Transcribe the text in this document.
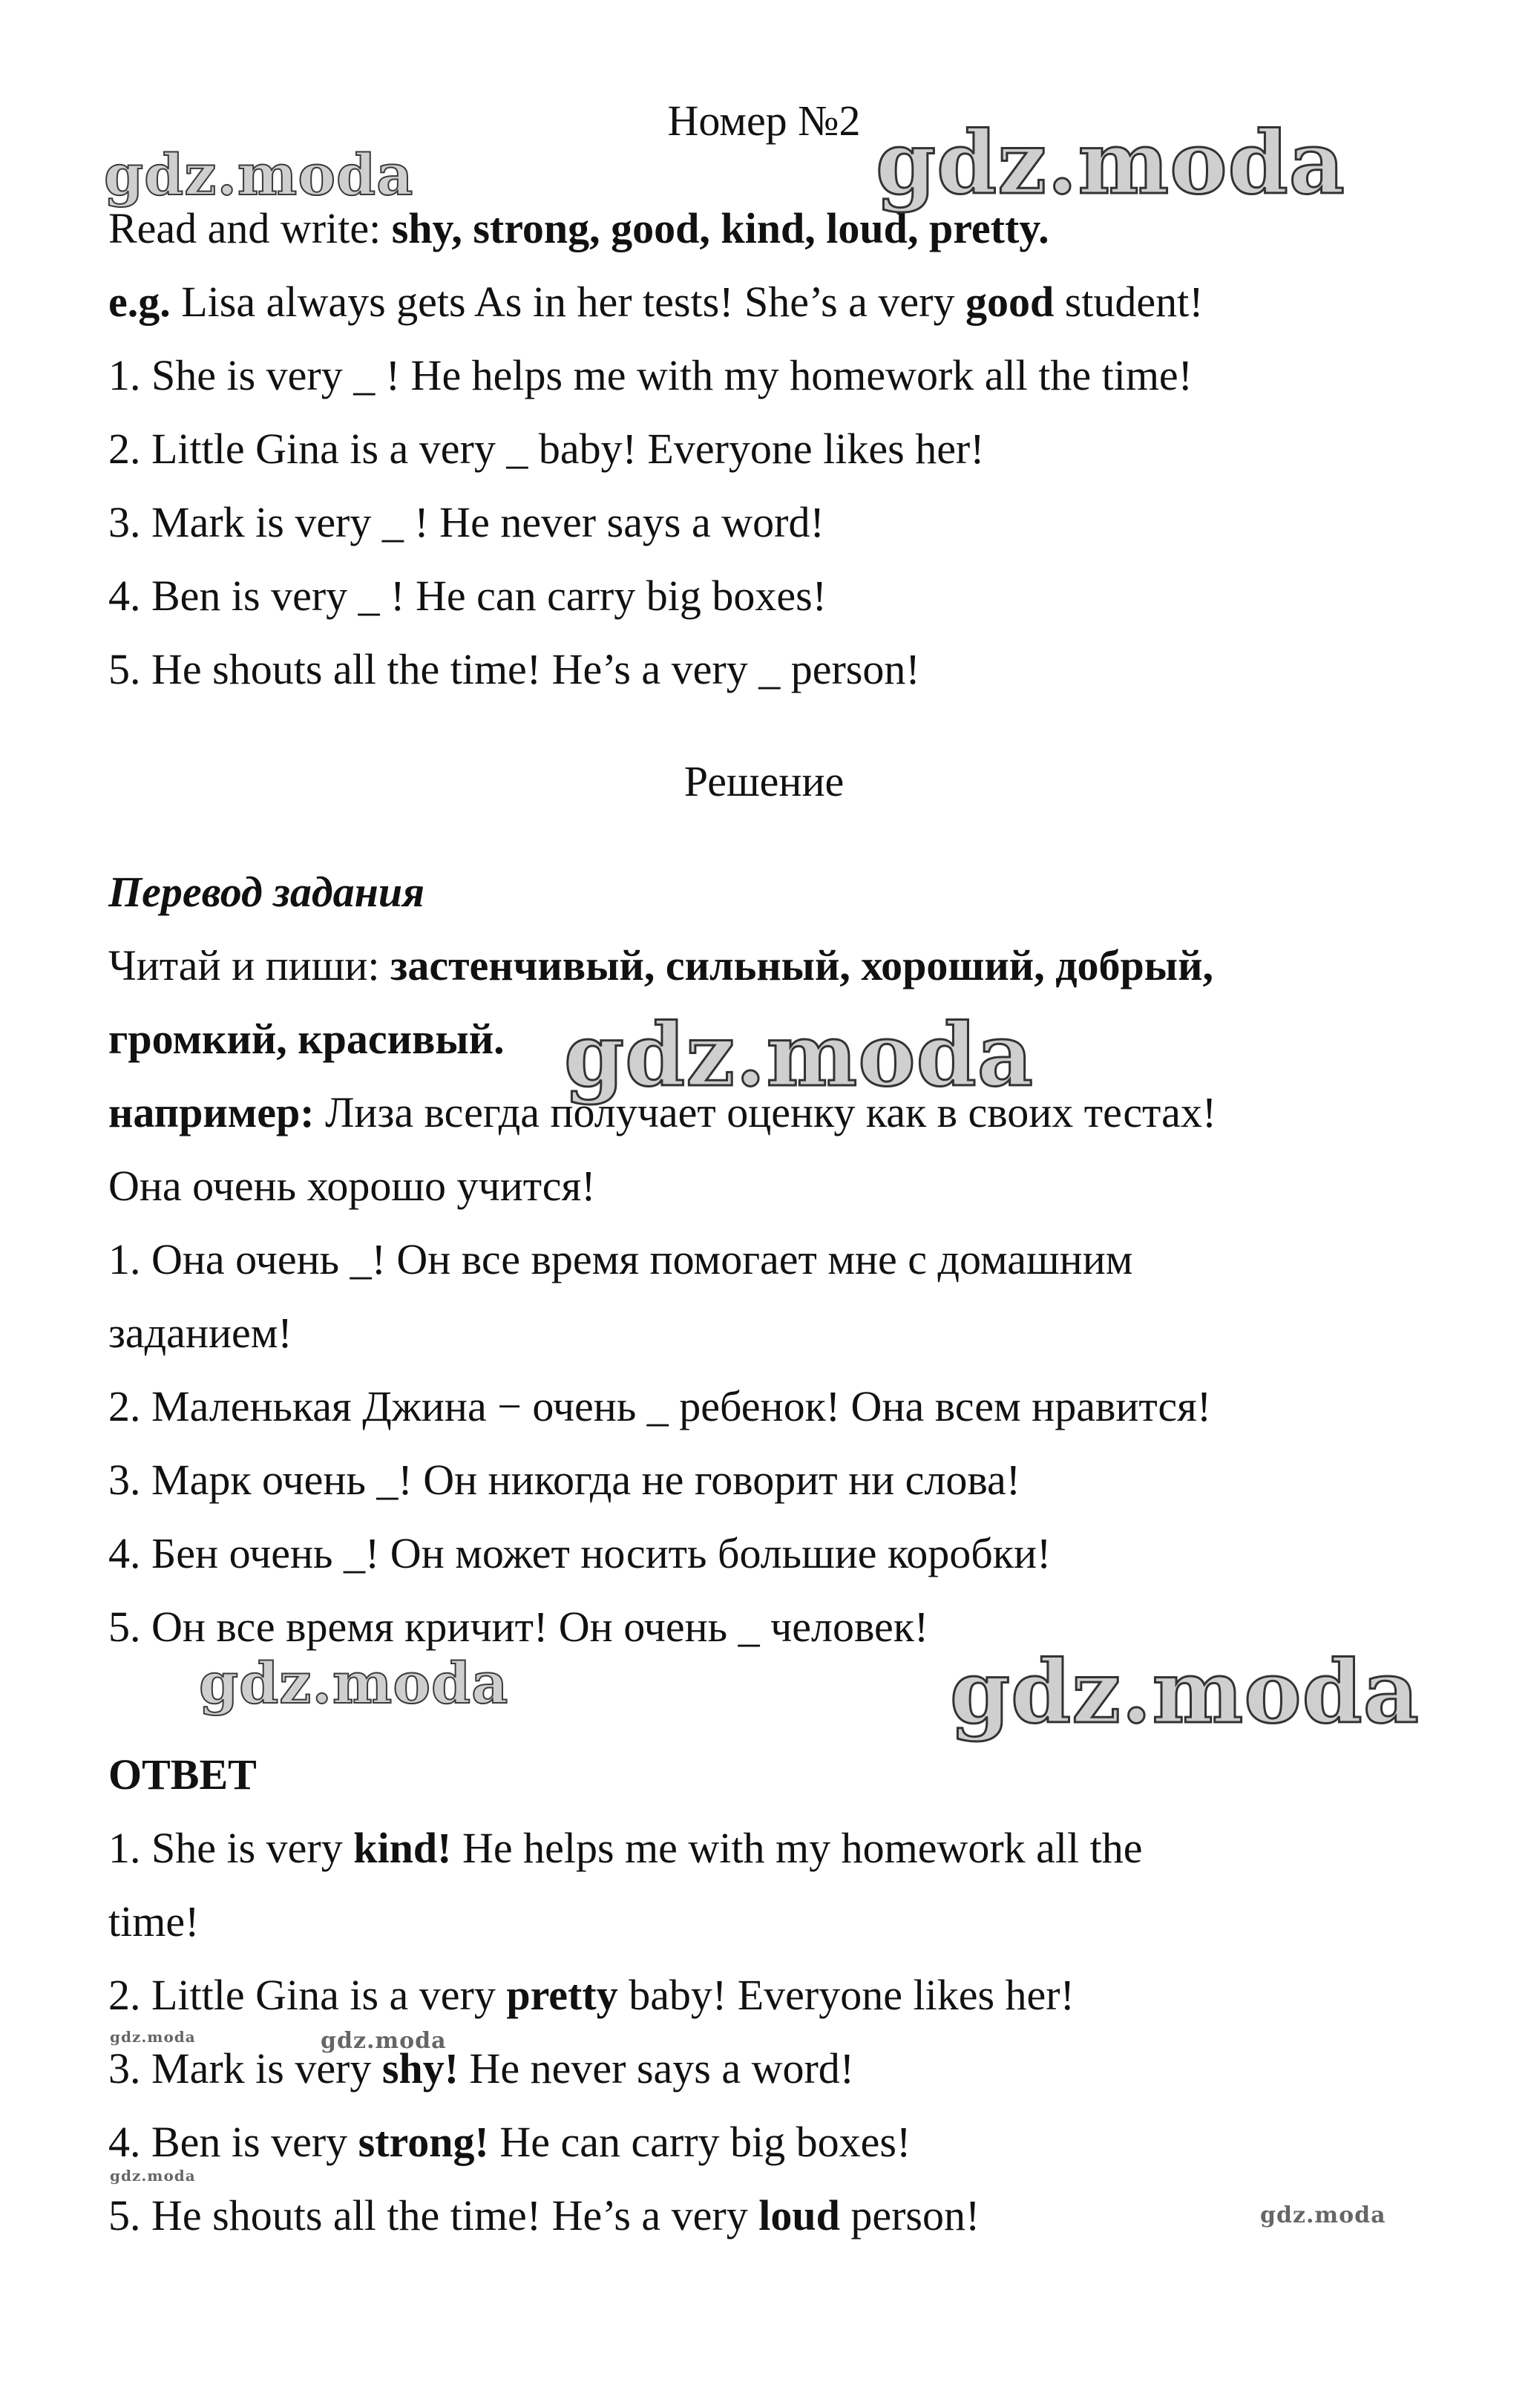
Номер №2
Read and write: shy, strong, good, kind, loud, pretty.
e.g. Lisa always gets As in her tests! She’s a very good student!
1. She is very _ ! He helps me with my homework all the time!
2. Little Gina is a very _ baby! Everyone likes her!
3. Mark is very _ ! He never says a word!
4. Ben is very _ ! He can carry big boxes!
5. He shouts all the time! He’s a very _ person!
Решение
Перевод задания
Читай и пиши: застенчивый, сильный, хороший, добрый,
громкий, красивый.
например: Лиза всегда получает оценку как в своих тестах!
Она очень хорошо учится!
1. Она очень _! Он все время помогает мне с домашним
заданием!
2. Маленькая Джина − очень _ ребенок! Она всем нравится!
3. Марк очень _! Он никогда не говорит ни слова!
4. Бен очень _! Он может носить большие коробки!
5. Он все время кричит! Он очень _ человек!
ОТВЕТ
1. She is very kind! He helps me with my homework all the
time!
2. Little Gina is a very pretty baby! Everyone likes her!
3. Mark is very shy! He never says a word!
4. Ben is very strong! He can carry big boxes!
5. He shouts all the time! He’s a very loud person!
gdz.moda	gdz.moda
gdz.moda
gdz.moda	gdz.moda
gdz.moda	gdz.moda
gdz.moda
gdz.moda
